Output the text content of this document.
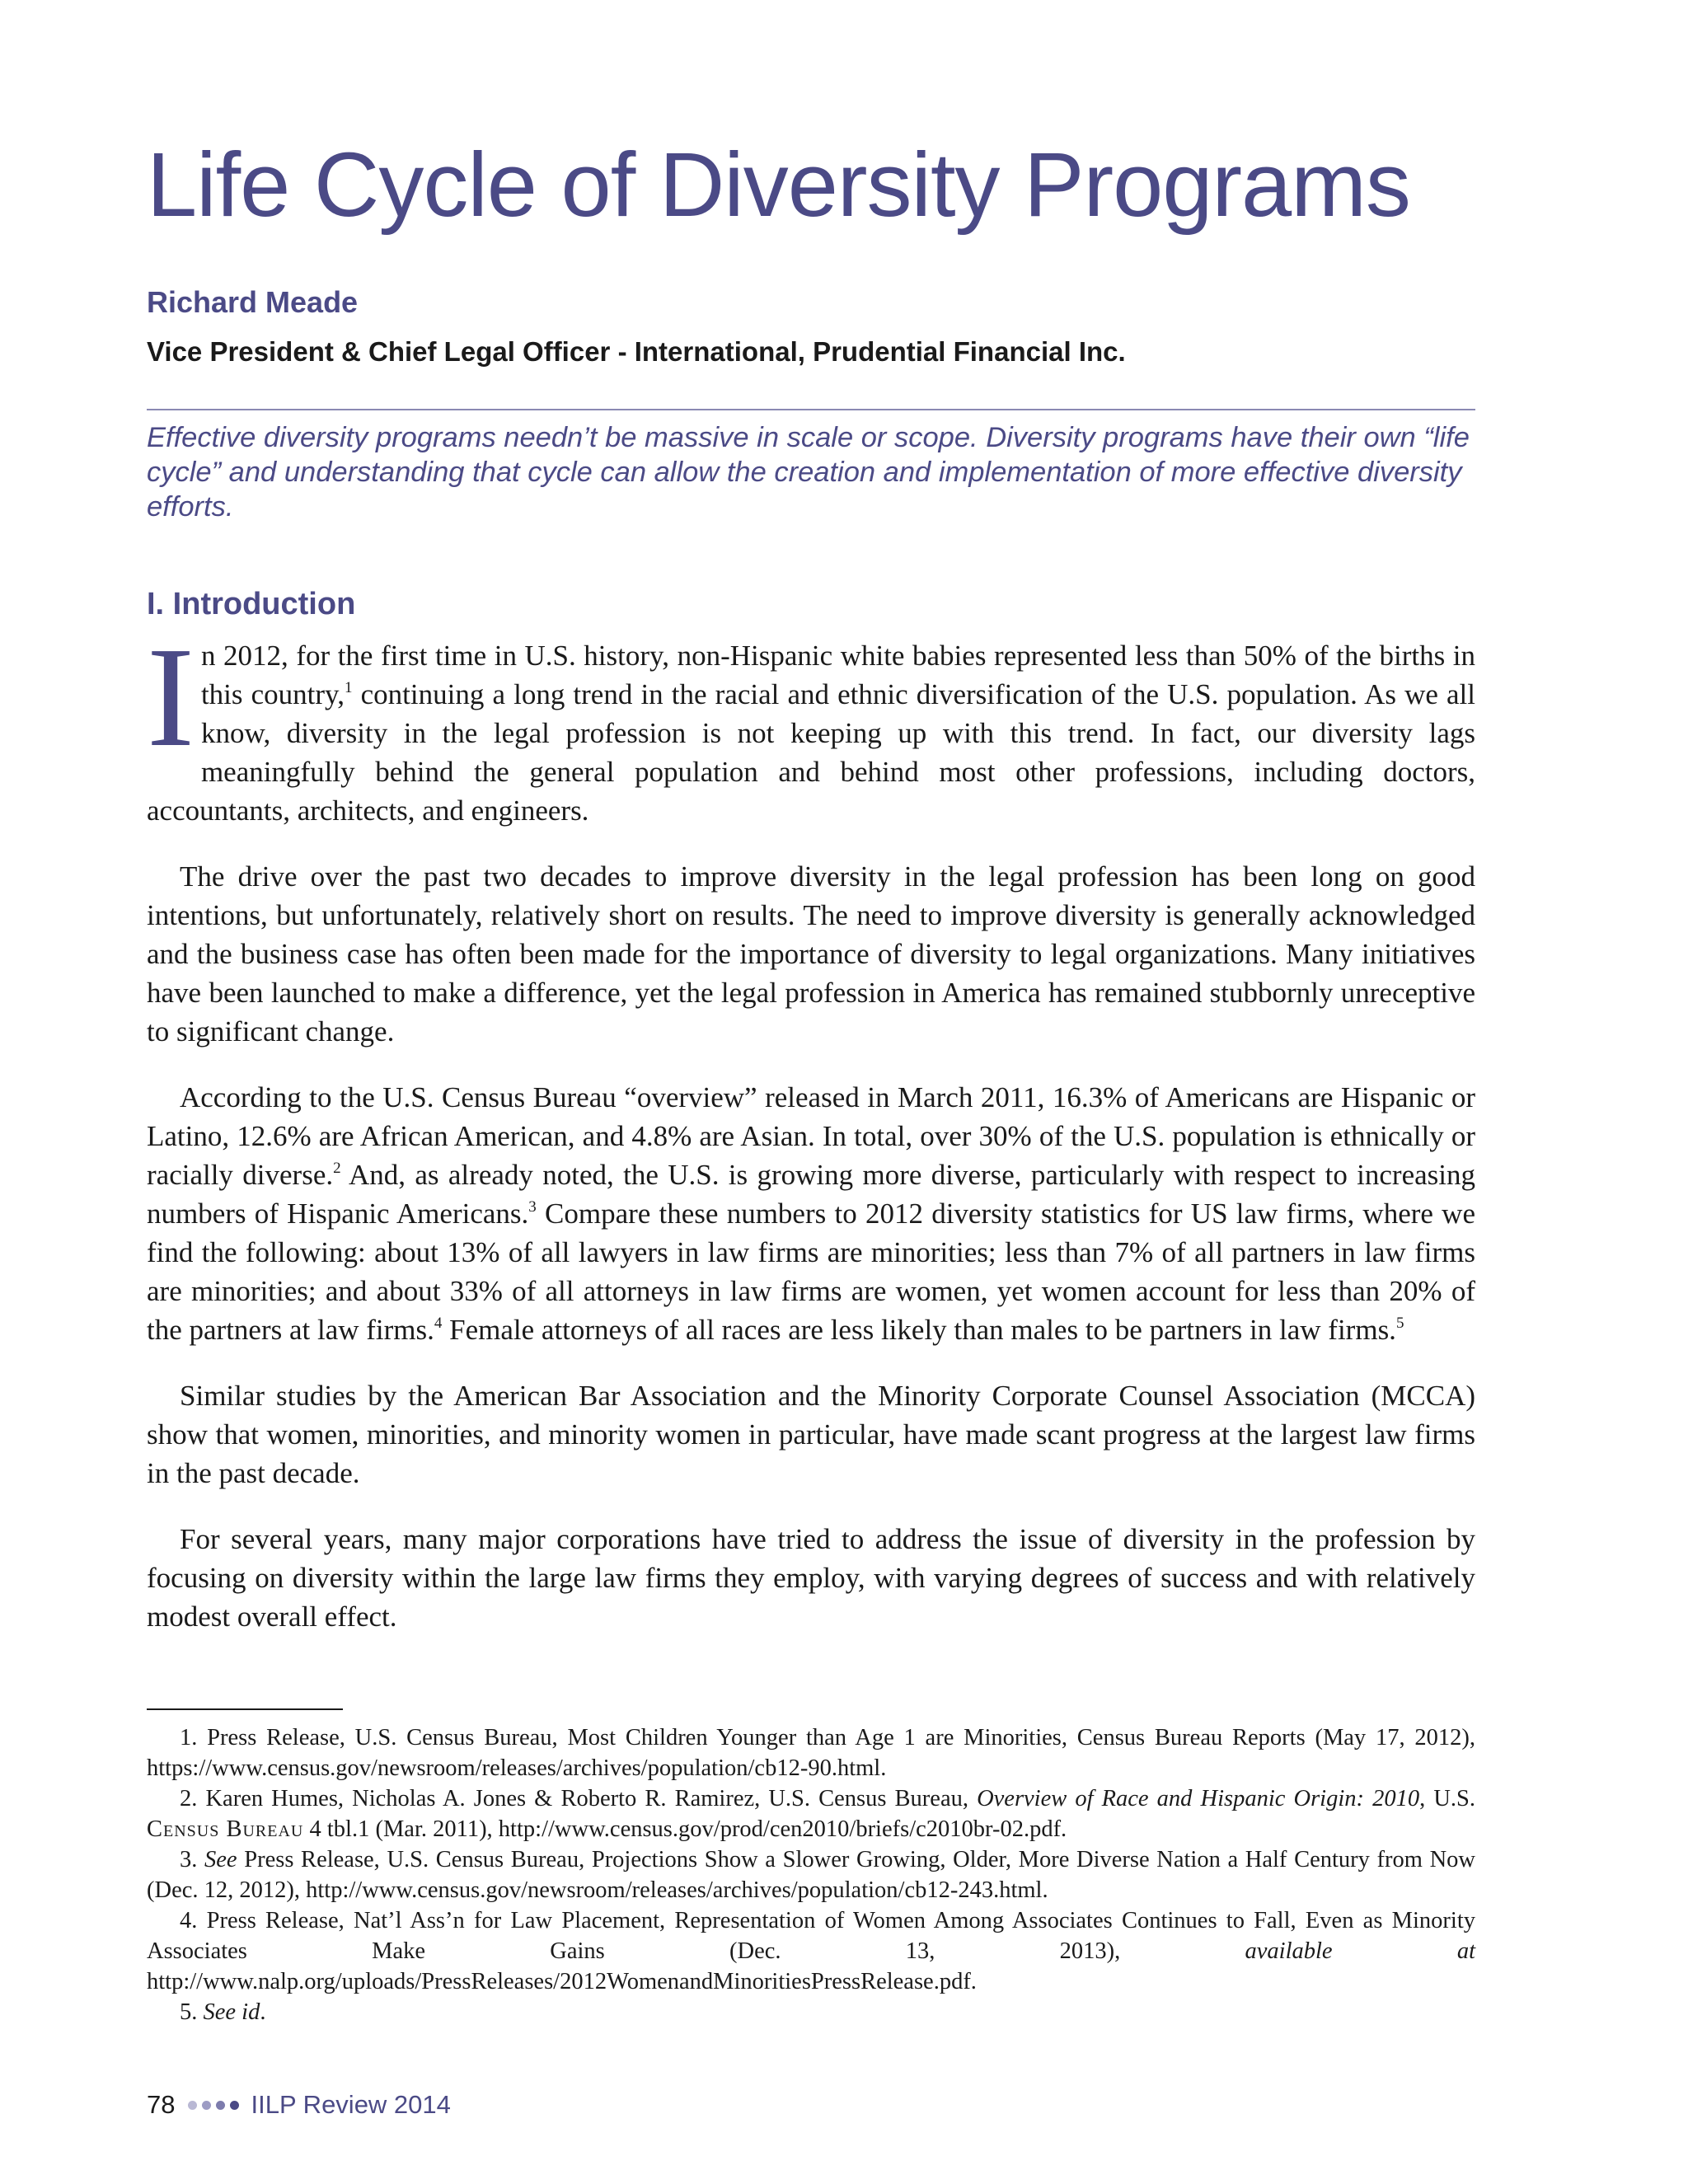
Life Cycle of Diversity Programs
Richard Meade
Vice President & Chief Legal Officer - International, Prudential Financial Inc.

Effective diversity programs needn’t be massive in scale or scope. Diversity programs have their own “life cycle” and understanding that cycle can allow the creation and implementation of more effective diversity efforts.

I. Introduction

In 2012, for the first time in U.S. history, non-Hispanic white babies represented less than 50% of the births in this country,$^1$ continuing a long trend in the racial and ethnic diversification of the U.S. population. As we all know, diversity in the legal profession is not keeping up with this trend. In fact, our diversity lags meaningfully behind the general population and behind most other professions, including doctors, accountants, architects, and engineers.

The drive over the past two decades to improve diversity in the legal profession has been long on good intentions, but unfortunately, relatively short on results. The need to improve diversity is generally acknowledged and the business case has often been made for the importance of diversity to legal organizations. Many initiatives have been launched to make a difference, yet the legal profession in America has remained stubbornly unreceptive to significant change.

According to the U.S. Census Bureau “overview” released in March 2011, 16.3% of Americans are Hispanic or Latino, 12.6% are African American, and 4.8% are Asian. In total, over 30% of the U.S. population is ethnically or racially diverse.$^2$ And, as already noted, the U.S. is growing more diverse, particularly with respect to increasing numbers of Hispanic Americans.$^3$ Compare these numbers to 2012 diversity statistics for US law firms, where we find the following: about 13% of all lawyers in law firms are minorities; less than 7% of all partners in law firms are minorities; and about 33% of all attorneys in law firms are women, yet women account for less than 20% of the partners at law firms.$^4$ Female attorneys of all races are less likely than males to be partners in law firms.$^5$

Similar studies by the American Bar Association and the Minority Corporate Counsel Association (MCCA) show that women, minorities, and minority women in particular, have made scant progress at the largest law firms in the past decade.

For several years, many major corporations have tried to address the issue of diversity in the profession by focusing on diversity within the large law firms they employ, with varying degrees of success and with relatively modest overall effect.

1. Press Release, U.S. Census Bureau, Most Children Younger than Age 1 are Minorities, Census Bureau Reports (May 17, 2012), https://www.census.gov/newsroom/releases/archives/population/cb12-90.html.

2. Karen Humes, Nicholas A. Jones & Roberto R. Ramirez, U.S. Census Bureau, Overview of Race and Hispanic Origin: 2010, U.S. Census Bureau 4 tbl.1 (Mar. 2011), http://www.census.gov/prod/cen2010/briefs/c2010br-02.pdf.

3. See Press Release, U.S. Census Bureau, Projections Show a Slower Growing, Older, More Diverse Nation a Half Century from Now (Dec. 12, 2012), http://www.census.gov/newsroom/releases/archives/population/cb12-243.html.

4. Press Release, Nat’l Ass’n for Law Placement, Representation of Women Among Associates Continues to Fall, Even as Minority Associates Make Gains (Dec. 13, 2013), available at http://www.nalp.org/uploads/PressReleases/2012WomenandMinoritiesPressRelease.pdf.

5. See id.

78	IILP Review 2014
